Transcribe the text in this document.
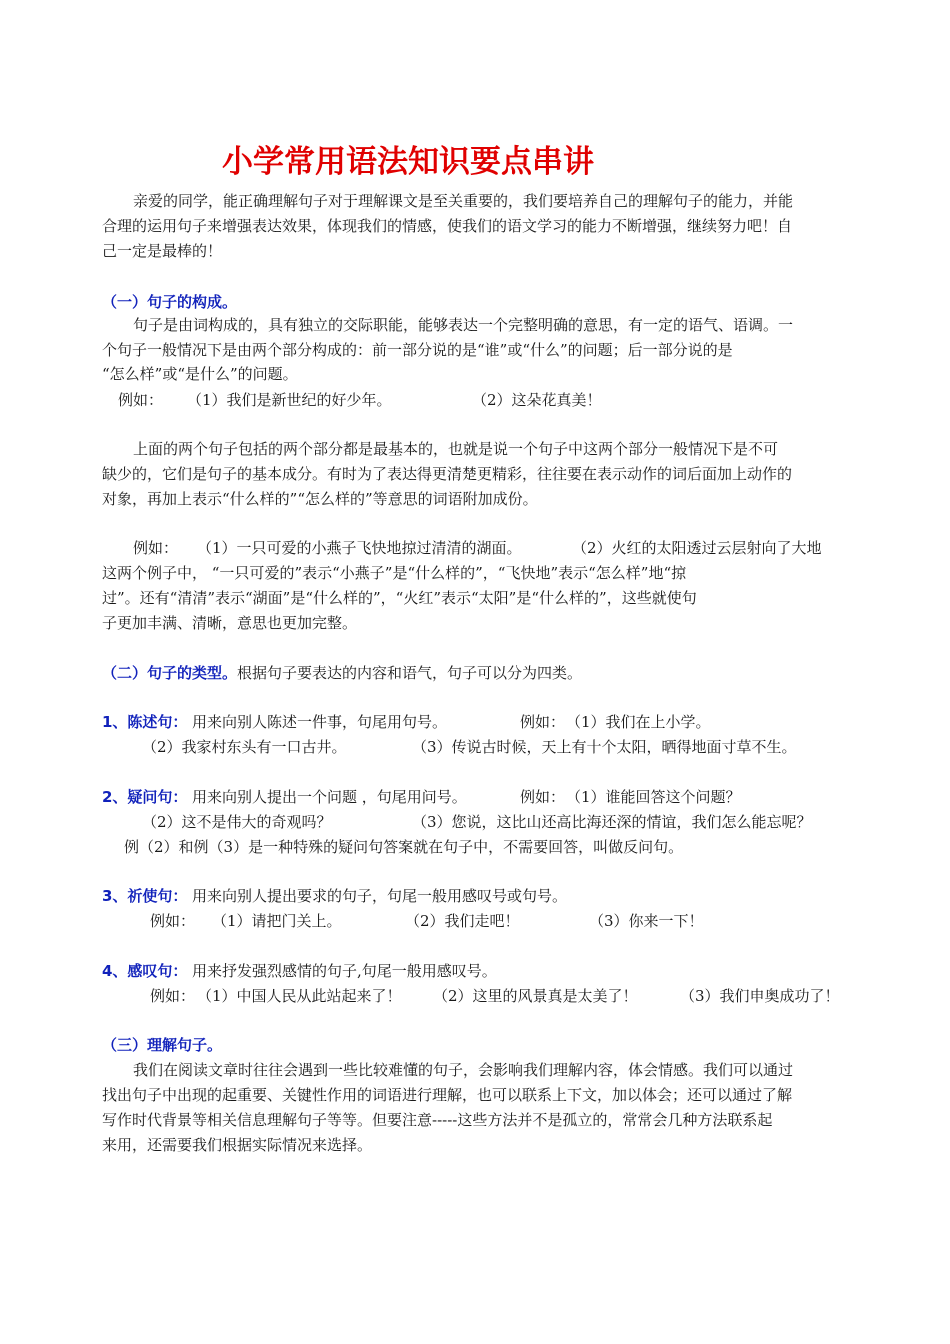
小学常用语法知识要点串讲
亲爱的同学，能正确理解句子对于理解课文是至关重要的，我们要培养自己的理解句子的能力，并能
合理的运用句子来增强表达效果，体现我们的情感，使我们的语文学习的能力不断增强，继续努力吧！自
己一定是最棒的！
（一）句子的构成。
句子是由词构成的，具有独立的交际职能，能够表达一个完整明确的意思，有一定的语气、语调。一
个句子一般情况下是由两个部分构成的：前一部分说的是“谁”或“什么”的问题；后一部分说的是
“怎么样”或“是什么”的问题。
例如： （1）我们是新世纪的好少年。	（2）这朵花真美！
上面的两个句子包括的两个部分都是最基本的，也就是说一个句子中这两个部分一般情况下是不可
缺少的，它们是句子的基本成分。有时为了表达得更清楚更精彩，往往要在表示动作的词后面加上动作的
对象，再加上表示“什么样的”“怎么样的”等意思的词语附加成份。
例如： （1）一只可爱的小燕子飞快地掠过清清的湖面。	（2）火红的太阳透过云层射向了大地
这两个例子中， “一只可爱的”表示“小燕子”是“什么样的”，“飞快地”表示“怎么样”地“掠
过”。还有“清清”表示“湖面”是“什么样的”，“火红”表示“太阳”是“什么样的”，这些就使句
子更加丰满、清晰，意思也更加完整。
（二）句子的类型。根据句子要表达的内容和语气，句子可以分为四类。
1、陈述句： 用来向别人陈述一件事，句尾用句号。	例如： （1）我们在上小学。
（2）我家村东头有一口古井。	（3）传说古时候，天上有十个太阳，晒得地面寸草不生。
2、疑问句： 用来向别人提出一个问题 ，句尾用问号。	例如： （1）谁能回答这个问题？
（2）这不是伟大的奇观吗？	（3）您说，这比山还高比海还深的情谊，我们怎么能忘呢？
例（2）和例（3）是一种特殊的疑问句答案就在句子中，不需要回答，叫做反问句。
3、祈使句： 用来向别人提出要求的句子，句尾一般用感叹号或句号。
例如： （1）请把门关上。	（2）我们走吧！	（3）你来一下！
4、感叹句： 用来抒发强烈感情的句子,句尾一般用感叹号。
例如： （1）中国人民从此站起来了！ （2）这里的风景真是太美了！	（3）我们申奥成功了！
（三）理解句子。
我们在阅读文章时往往会遇到一些比较难懂的句子，会影响我们理解内容，体会情感。我们可以通过
找出句子中出现的起重要、关键性作用的词语进行理解，也可以联系上下文，加以体会；还可以通过了解
写作时代背景等相关信息理解句子等等。但要注意-----这些方法并不是孤立的，常常会几种方法联系起
来用，还需要我们根据实际情况来选择。
